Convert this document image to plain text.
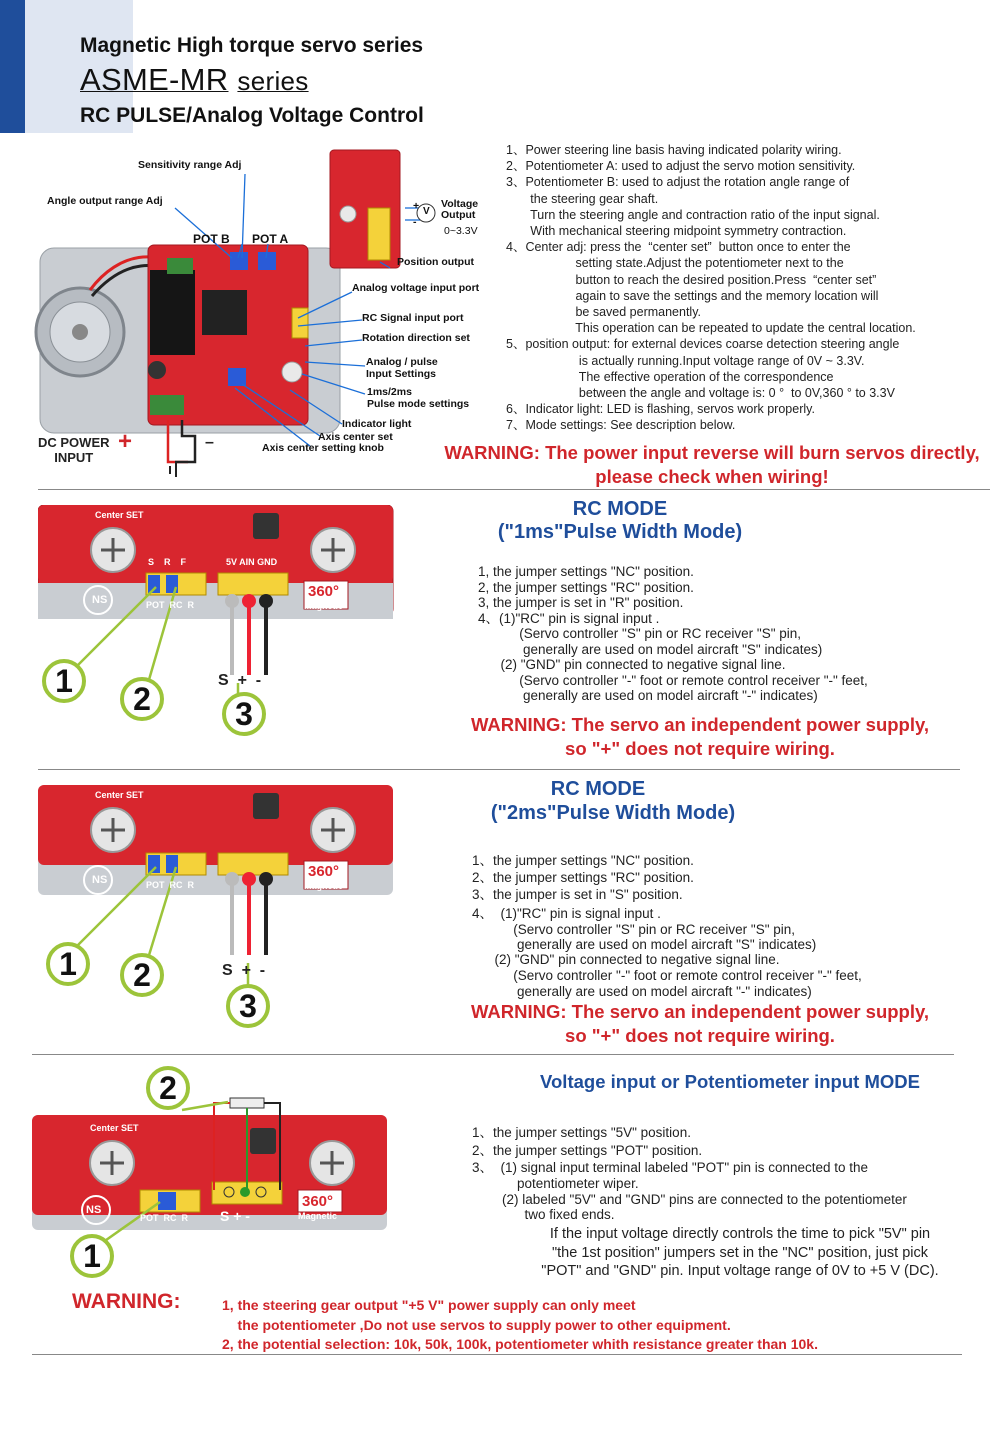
Magnetic High torque servo series
ASME-MR series
RC PULSE/Analog Voltage Control
Sensitivity range Adj
Angle output range Adj
POT B POT A
+
-
V
Voltage
Output
0~3.3V
Position output
Analog voltage input port
RC Signal input port
Rotation direction set
Analog / pulse
Input Settings
1ms/2ms
Pulse mode settings
Indicator light
Axis center set
Axis center setting knob
DC POWER
INPUT
+	–
1、Power steering line basis having indicated polarity wiring.
2、Potentiometer A: used to adjust the servo motion sensitivity.
3、Potentiometer B: used to adjust the rotation angle range of
the steering gear shaft.
Turn the steering angle and contraction ratio of the input signal.
With mechanical steering midpoint symmetry contraction.
4、Center adj: press the  “center set”  button once to enter the
setting state.Adjust the potentiometer next to the
button to reach the desired position.Press  “center set”
again to save the settings and the memory location will
be saved permanently.
This operation can be repeated to update the central location.
5、position output: for external devices coarse detection steering angle
is actually running.Input voltage range of 0V ~ 3.3V.
The effective operation of the correspondence
between the angle and voltage is: 0 °  to 0V,360 ° to 3.3V
6、Indicator light: LED is flashing, servos work properly.
7、Mode settings: See description below.
WARNING: The power input reverse will burn servos directly,
please check when wiring!
Center SET
5V AIN GND
S    R    F
POT  RC  R
NS	360°
Magnetic
S  +  -
1	2	3
RC MODE
("1ms"Pulse Width Mode)
1, the jumper settings "NC" position.
2, the jumper settings "RC" position.
3, the jumper is set in "R" position.
4、(1)"RC" pin is signal input .
(Servo controller "S" pin or RC receiver "S" pin,
generally are used on model aircraft "S" indicates)
(2) "GND" pin connected to negative signal line.
(Servo controller "-" foot or remote control receiver "-" feet,
generally are used on model aircraft "-" indicates)
WARNING: The servo an independent power supply,
so "+" does not require wiring.
Center SET
POT  RC  R
NS	360°
Magnetic
S  +  -
1	2
3
RC MODE
("2ms"Pulse Width Mode)
1、the jumper settings "NC" position.
2、the jumper settings "RC" position.
3、the jumper is set in "S" position.
4、  (1)"RC" pin is signal input .
(Servo controller "S" pin or RC receiver "S" pin,
generally are used on model aircraft "S" indicates)
(2) "GND" pin connected to negative signal line.
(Servo controller "-" foot or remote control receiver "-" feet,
generally are used on model aircraft "-" indicates)
WARNING: The servo an independent power supply,
so "+" does not require wiring.
Center SET
POT  RC  R
NS	360°
Magnetic
S + -
2
1
Voltage input or Potentiometer input MODE
1、the jumper settings "5V" position.
2、the jumper settings "POT" position.
3、  (1) signal input terminal labeled "POT" pin is connected to the
potentiometer wiper.
(2) labeled "5V" and "GND" pins are connected to the potentiometer
two fixed ends.
If the input voltage directly controls the time to pick "5V" pin
"the 1st position" jumpers set in the "NC" position, just pick
"POT" and "GND" pin. Input voltage range of 0V to +5 V (DC).
WARNING:	1, the steering gear output "+5 V" power supply can only meet
the potentiometer ,Do not use servos to supply power to other equipment.
2, the potential selection: 10k, 50k, 100k, potentiometer whith resistance greater than 10k.
